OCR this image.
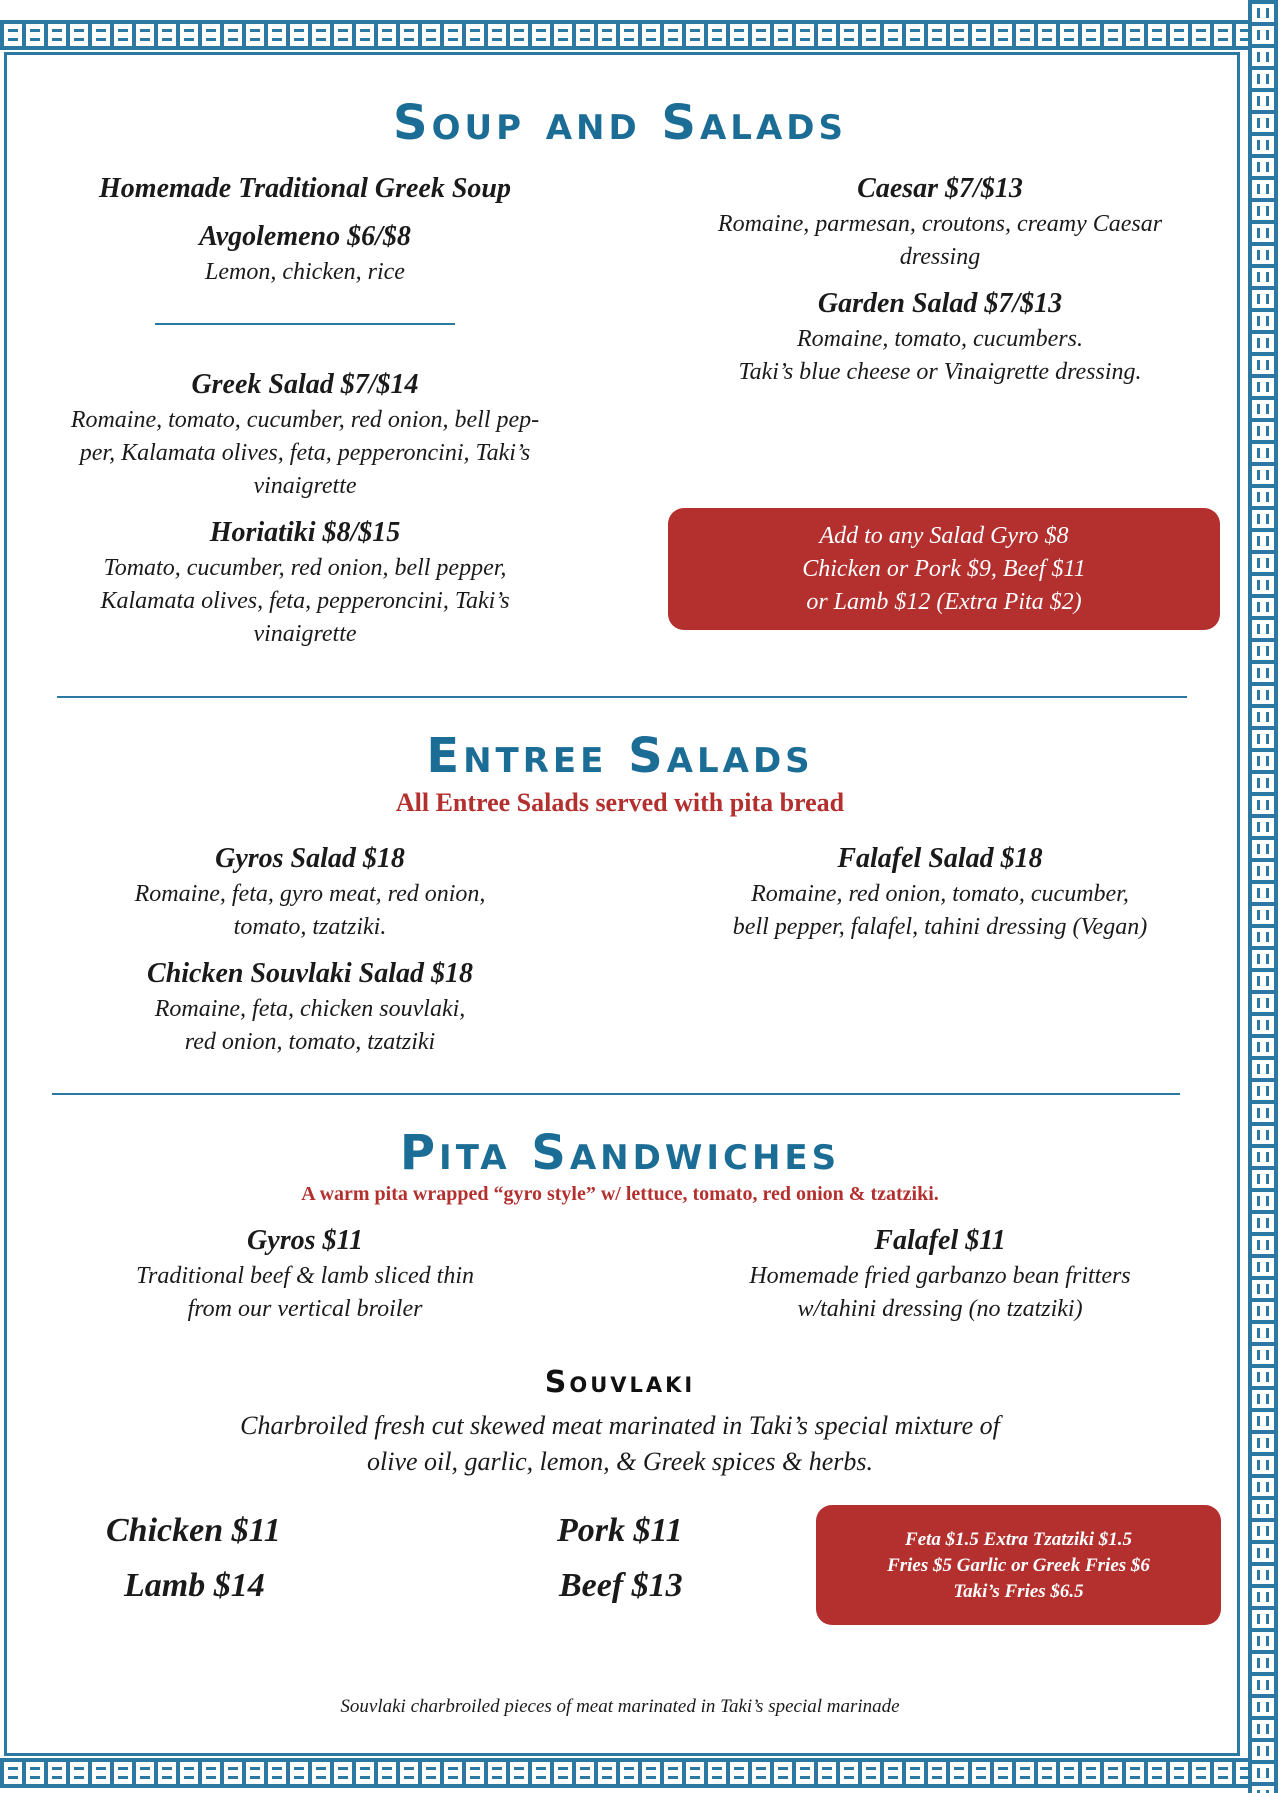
Soup and Salads
Homemade Traditional Greek Soup
Avgolemeno $6/$8
Lemon, chicken, rice
Greek Salad $7/$14
Romaine, tomato, cucumber, red onion, bell pep-
per, Kalamata olives, feta, pepperoncini, Taki’s
vinaigrette
Horiatiki $8/$15
Tomato, cucumber, red onion, bell pepper,
Kalamata olives, feta, pepperoncini, Taki’s
vinaigrette
Caesar $7/$13
Romaine, parmesan, croutons, creamy Caesar
dressing
Garden Salad $7/$13
Romaine, tomato, cucumbers.
Taki’s blue cheese or Vinaigrette dressing.
Add to any Salad Gyro $8
Chicken or Pork $9, Beef $11
or Lamb $12 (Extra Pita $2)
Entree Salads
All Entree Salads served with pita bread
Gyros Salad $18
Romaine, feta, gyro meat, red onion,
tomato, tzatziki.
Chicken Souvlaki Salad $18
Romaine, feta, chicken souvlaki,
red onion, tomato, tzatziki
Falafel Salad $18
Romaine, red onion, tomato, cucumber,
bell pepper, falafel, tahini dressing (Vegan)
Pita Sandwiches
A warm pita wrapped “gyro style” w/ lettuce, tomato, red onion & tzatziki.
Gyros $11
Traditional beef & lamb sliced thin
from our vertical broiler
Falafel $11
Homemade fried garbanzo bean fritters
w/tahini dressing (no tzatziki)
Souvlaki
Charbroiled fresh cut skewed meat marinated in Taki’s special mixture of
olive oil, garlic, lemon, & Greek spices & herbs.
Chicken $11
Lamb $14
Pork $11
Beef $13
Feta $1.5 Extra Tzatziki $1.5
Fries $5 Garlic or Greek Fries $6
Taki’s Fries $6.5
Souvlaki charbroiled pieces of meat marinated in Taki’s special marinade
